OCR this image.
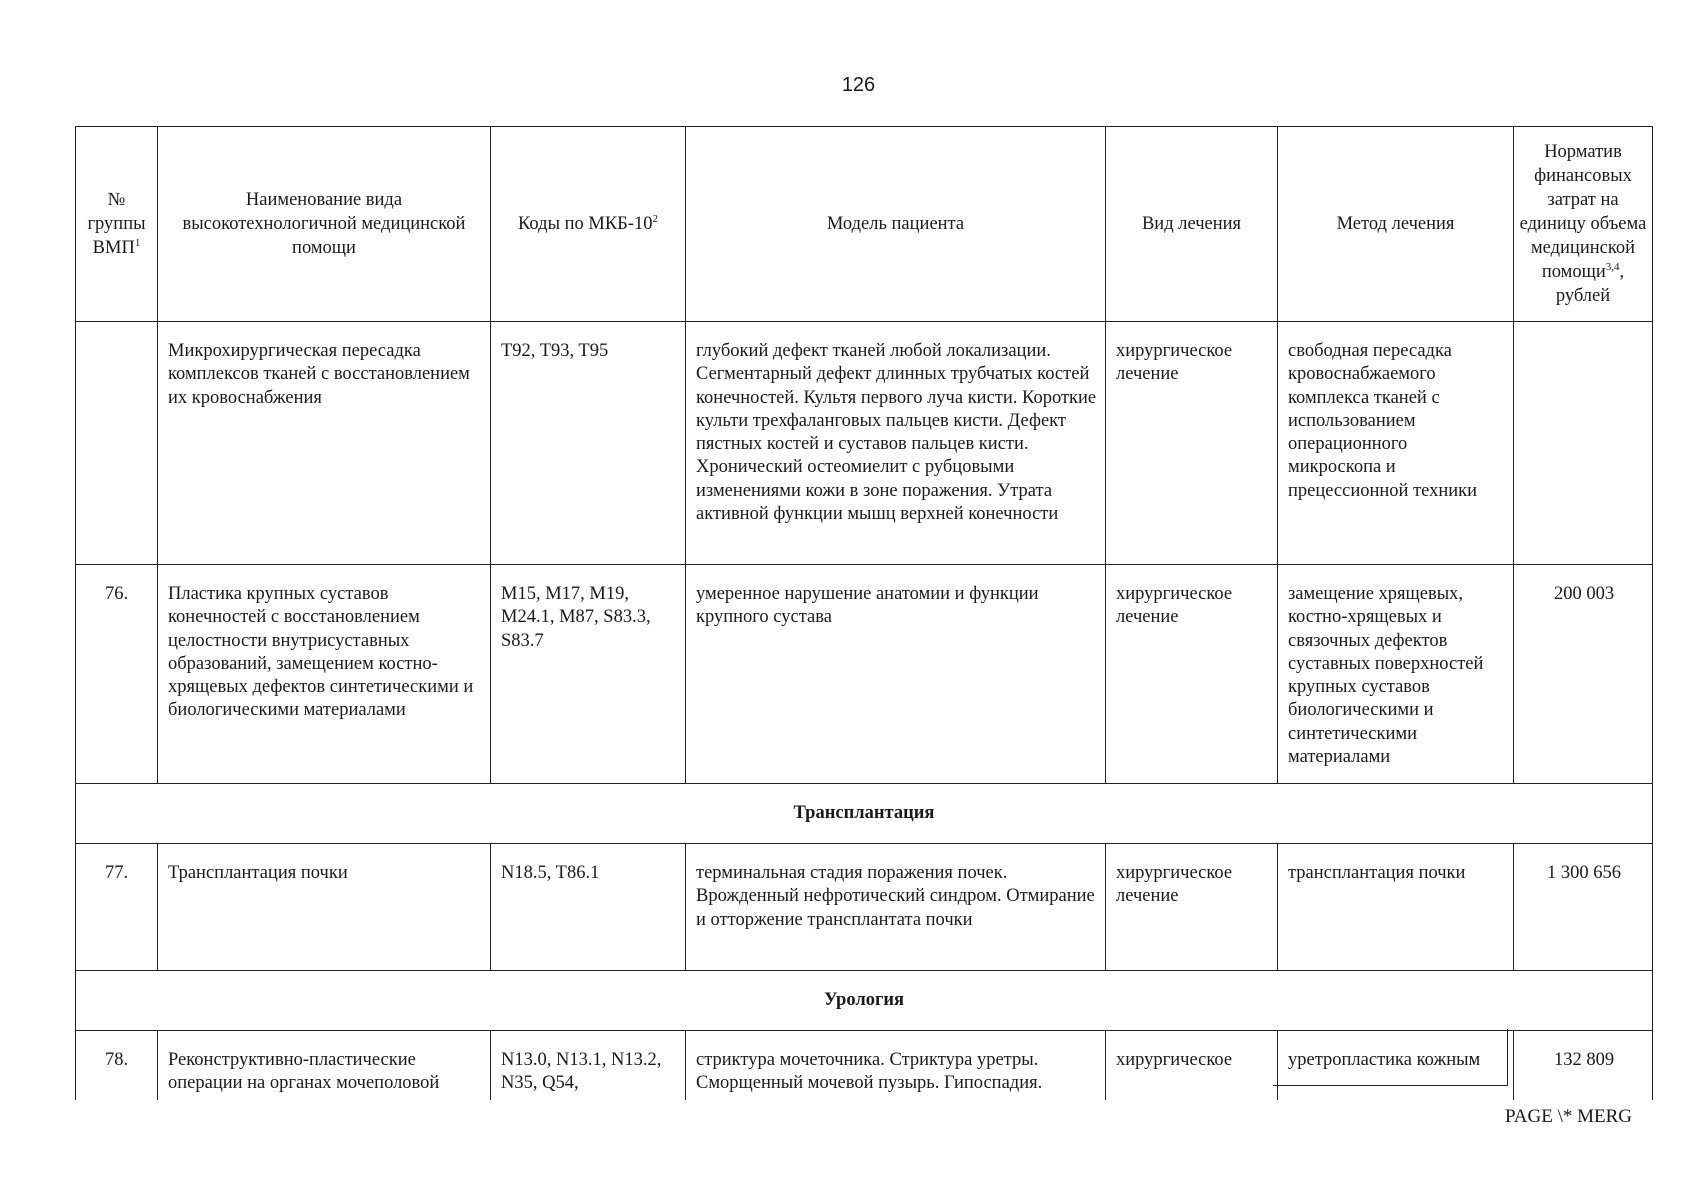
126
№ группы ВМП$^1$	Наименование вида высокотехнологичной медицинской помощи	Коды по МКБ-$10^2$	Модель пациента	Вид лечения	Метод лечения	Норматив финансовых затрат на единицу объема медицинской помощи$^{3,4}$, рублей
	Микрохирургическая пересадка комплексов тканей с восстановлением их кровоснабжения	T92, T93, T95	глубокий дефект тканей любой локализации. Сегментарный дефект длинных трубчатых костей конечностей. Культя первого луча кисти. Короткие культи трехфаланговых пальцев кисти. Дефект пястных костей и суставов пальцев кисти. Хронический остеомиелит с рубцовыми изменениями кожи в зоне поражения. Утрата активной функции мышц верхней конечности	хирургическое лечение	свободная пересадка кровоснабжаемого комплекса тканей с использованием операционного микроскопа и прецессионной техники	
76.	Пластика крупных суставов конечностей с восстановлением целостности внутрисуставных образований, замещением костно-хрящевых дефектов синтетическими и биологическими материалами	M15, M17, M19, M24.1, M87, S83.3, S83.7	умеренное нарушение анатомии и функции крупного сустава	хирургическое лечение	замещение хрящевых, костно-хрящевых и связочных дефектов суставных поверхностей крупных суставов биологическими и синтетическими материалами	200 003
Трансплантация						
77.	Трансплантация почки	N18.5, T86.1	терминальная стадия поражения почек. Врожденный нефротический синдром. Отмирание и отторжение трансплантата почки	хирургическое лечение	трансплантация почки	1 300 656
Урология						
78.	Реконструктивно-пластические операции на органах мочеполовой	N13.0, N13.1, N13.2, N35, Q54,	стриктура мочеточника. Стриктура уретры. Сморщенный мочевой пузырь. Гипоспадия.	хирургическое	уретропластика кожным	132 809
PAGE \* MERG
